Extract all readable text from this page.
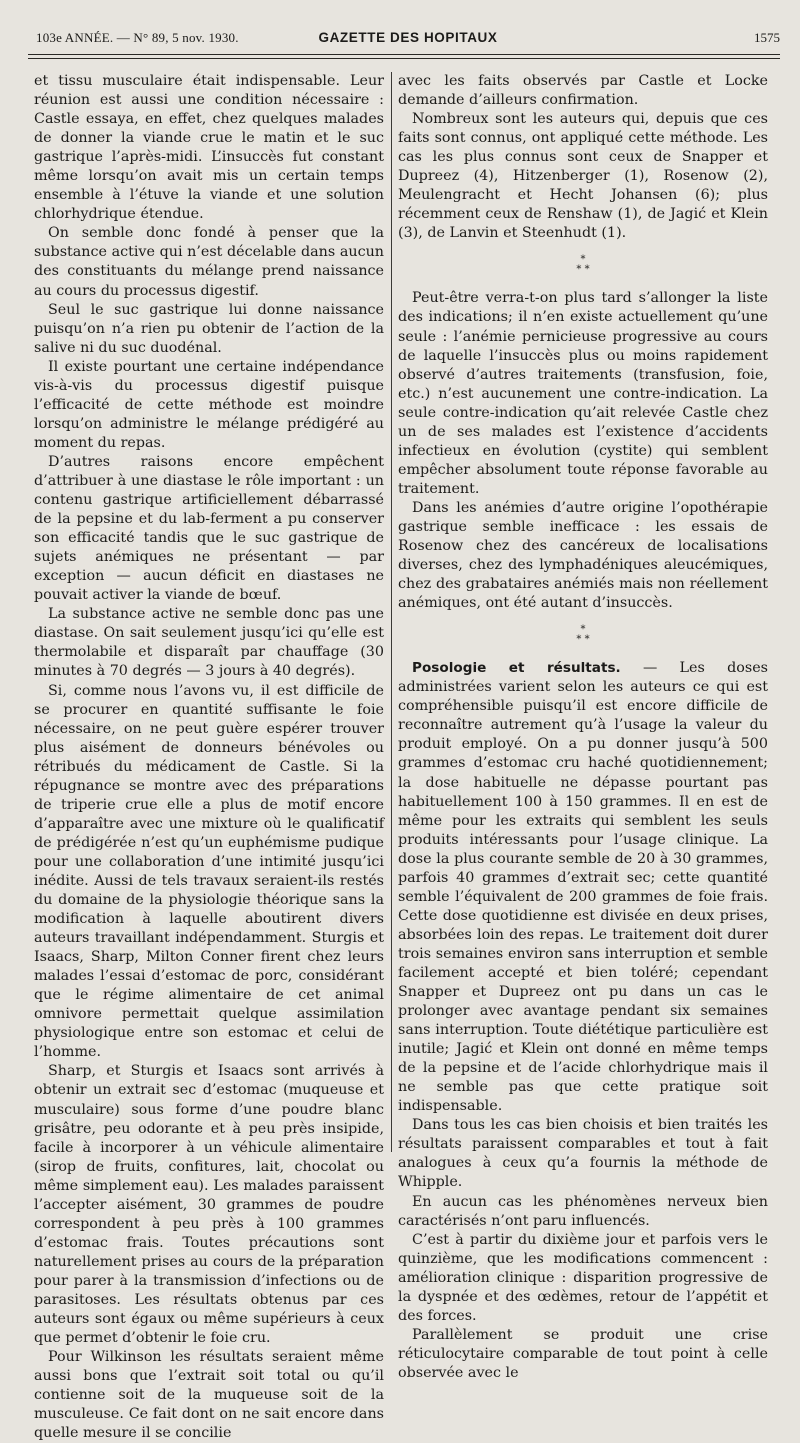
103e ANNÉE. — N° 89, 5 nov. 1930.	GAZETTE DES HOPITAUX	1575

et tissu musculaire était indispensable. Leur réunion est aussi une condition nécessaire : Castle essaya, en effet, chez quelques malades de donner la viande crue le matin et le suc gastrique l’après-midi. L’insuccès fut constant même lorsqu’on avait mis un certain temps ensemble à l’étuve la viande et une solution chlorhydrique étendue.

On semble donc fondé à penser que la substance active qui n’est décelable dans aucun des constituants du mélange prend naissance au cours du processus digestif.

Seul le suc gastrique lui donne naissance puisqu’on n’a rien pu obtenir de l’action de la salive ni du suc duodénal.

Il existe pourtant une certaine indépendance vis-à-vis du processus digestif puisque l’efficacité de cette méthode est moindre lorsqu’on administre le mélange prédigéré au moment du repas.

D’autres raisons encore empêchent d’attribuer à une diastase le rôle important : un contenu gastrique artificiellement débarrassé de la pepsine et du lab-ferment a pu conserver son efficacité tandis que le suc gastrique de sujets anémiques ne présentant — par exception — aucun déficit en diastases ne pouvait activer la viande de bœuf.

La substance active ne semble donc pas une diastase. On sait seulement jusqu’ici qu’elle est thermolabile et disparaît par chauffage (30 minutes à 70 degrés — 3 jours à 40 degrés).

Si, comme nous l’avons vu, il est difficile de se procurer en quantité suffisante le foie nécessaire, on ne peut guère espérer trouver plus aisément de donneurs bénévoles ou rétribués du médicament de Castle. Si la répugnance se montre avec des préparations de triperie crue elle a plus de motif encore d’apparaître avec une mixture où le qualificatif de prédigérée n’est qu’un euphémisme pudique pour une collaboration d’une intimité jusqu’ici inédite. Aussi de tels travaux seraient-ils restés du domaine de la physiologie théorique sans la modification à laquelle aboutirent divers auteurs travaillant indépendamment. Sturgis et Isaacs, Sharp, Milton Conner firent chez leurs malades l’essai d’estomac de porc, considérant que le régime alimentaire de cet animal omnivore permettait quelque assimilation physiologique entre son estomac et celui de l’homme.

Sharp, et Sturgis et Isaacs sont arrivés à obtenir un extrait sec d’estomac (muqueuse et musculaire) sous forme d’une poudre blanc grisâtre, peu odorante et à peu près insipide, facile à incorporer à un véhicule alimentaire (sirop de fruits, confitures, lait, chocolat ou même simplement eau). Les malades paraissent l’accepter aisément, 30 grammes de poudre correspondent à peu près à 100 grammes d’estomac frais. Toutes précautions sont naturellement prises au cours de la préparation pour parer à la transmission d’infections ou de parasitoses. Les résultats obtenus par ces auteurs sont égaux ou même supérieurs à ceux que permet d’obtenir le foie cru.

Pour Wilkinson les résultats seraient même aussi bons que l’extrait soit total ou qu’il contienne soit de la muqueuse soit de la musculeuse. Ce fait dont on ne sait encore dans quelle mesure il se concilie

avec les faits observés par Castle et Locke demande d’ailleurs confirmation.

Nombreux sont les auteurs qui, depuis que ces faits sont connus, ont appliqué cette méthode. Les cas les plus connus sont ceux de Snapper et Dupreez (4), Hitzenberger (1), Rosenow (2), Meulengracht et Hecht Johansen (6); plus récemment ceux de Renshaw (1), de Jagić et Klein (3), de Lanvin et Steenhudt (1).

*
* *

Peut-être verra-t-on plus tard s’allonger la liste des indications; il n’en existe actuellement qu’une seule : l’anémie pernicieuse progressive au cours de laquelle l’insuccès plus ou moins rapidement observé d’autres traitements (transfusion, foie, etc.) n’est aucunement une contre-indication. La seule contre-indication qu’ait relevée Castle chez un de ses malades est l’existence d’accidents infectieux en évolution (cystite) qui semblent empêcher absolument toute réponse favorable au traitement.

Dans les anémies d’autre origine l’opothérapie gastrique semble inefficace : les essais de Rosenow chez des cancéreux de localisations diverses, chez des lymphadéniques aleucémiques, chez des grabataires anémiés mais non réellement anémiques, ont été autant d’insuccès.

*
* *

Posologie et résultats. — Les doses administrées varient selon les auteurs ce qui est compréhensible puisqu’il est encore difficile de reconnaître autrement qu’à l’usage la valeur du produit employé. On a pu donner jusqu’à 500 grammes d’estomac cru haché quotidiennement; la dose habituelle ne dépasse pourtant pas habituellement 100 à 150 grammes. Il en est de même pour les extraits qui semblent les seuls produits intéressants pour l’usage clinique. La dose la plus courante semble de 20 à 30 grammes, parfois 40 grammes d’extrait sec; cette quantité semble l’équivalent de 200 grammes de foie frais. Cette dose quotidienne est divisée en deux prises, absorbées loin des repas. Le traitement doit durer trois semaines environ sans interruption et semble facilement accepté et bien toléré; cependant Snapper et Dupreez ont pu dans un cas le prolonger avec avantage pendant six semaines sans interruption. Toute diététique particulière est inutile; Jagić et Klein ont donné en même temps de la pepsine et de l’acide chlorhydrique mais il ne semble pas que cette pratique soit indispensable.

Dans tous les cas bien choisis et bien traités les résultats paraissent comparables et tout à fait analogues à ceux qu’a fournis la méthode de Whipple.

En aucun cas les phénomènes nerveux bien caractérisés n’ont paru influencés.

C’est à partir du dixième jour et parfois vers le quinzième, que les modifications commencent : amélioration clinique : disparition progressive de la dyspnée et des œdèmes, retour de l’appétit et des forces.

Parallèlement se produit une crise réticulocytaire comparable de tout point à celle observée avec le
